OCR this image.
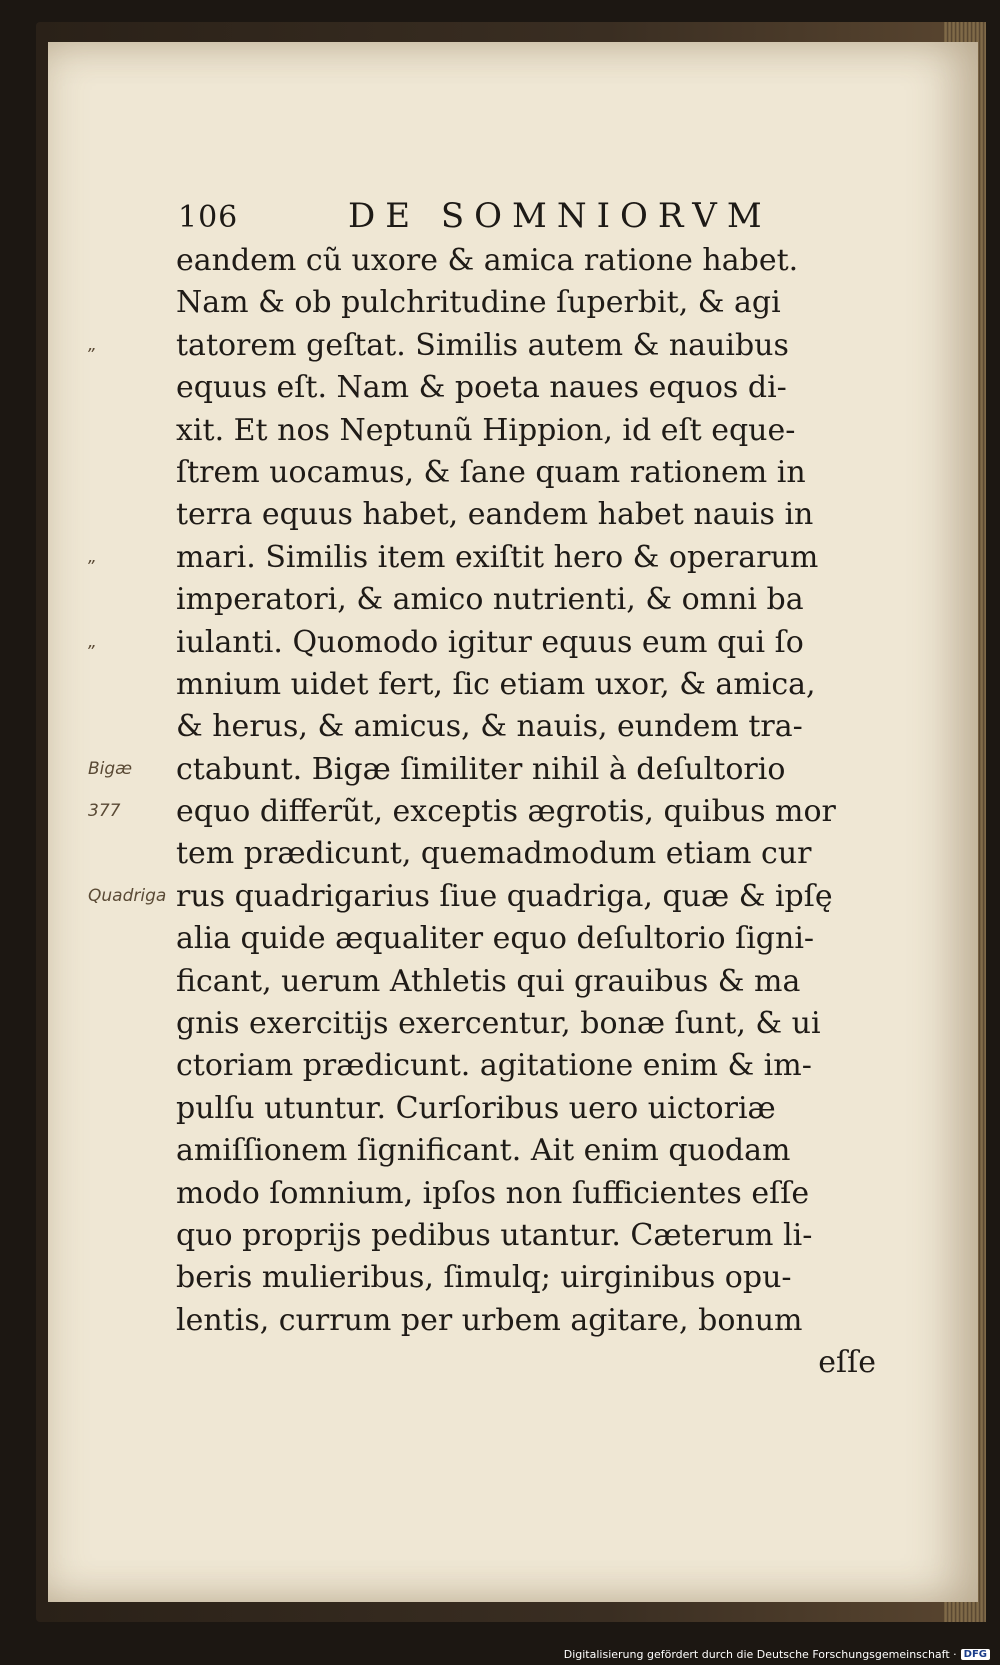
106	DE SOMNIORVM
eandem cũ uxore & amica ratione habet.
Nam & ob pulchritudine ſuperbit, & agi
tatorem geſtat. Similis autem & nauibus
equus eſt. Nam & poeta naues equos di-
xit. Et nos Neptunũ Hippion, id eſt eque-
ſtrem uocamus, & ſane quam rationem in
terra equus habet, eandem habet nauis in
mari. Similis item exiſtit hero & operarum
imperatori, & amico nutrienti, & omni ba
iulanti. Quomodo igitur equus eum qui ſo
mnium uidet fert, ſic etiam uxor, & amica,
& herus, & amicus, & nauis, eundem tra-
ctabunt. Bigæ ſimiliter nihil à deſultorio
equo differũt, exceptis ægrotis, quibus mor
tem prædicunt, quemadmodum etiam cur
rus quadrigarius ſiue quadriga, quæ & ipſę
alia quide æqualiter equo deſultorio ſigni-
ficant, uerum Athletis qui grauibus & ma
gnis exercitijs exercentur, bonæ ſunt, & ui
ctoriam prædicunt. agitatione enim & im-
pulſu utuntur. Curſoribus uero uictoriæ
amiſſionem ſignificant. Ait enim quodam
modo ſomnium, ipſos non ſufficientes eſſe
quo proprijs pedibus utantur. Cæterum li-
beris mulieribus, ſimulq; uirginibus opu-
lentis, currum per urbem agitare, bonum
eſſe
„
„
„
Bigæ
377
Quadriga
Digitalisierung gefördert durch die Deutsche Forschungsgemeinschaft · DFG
